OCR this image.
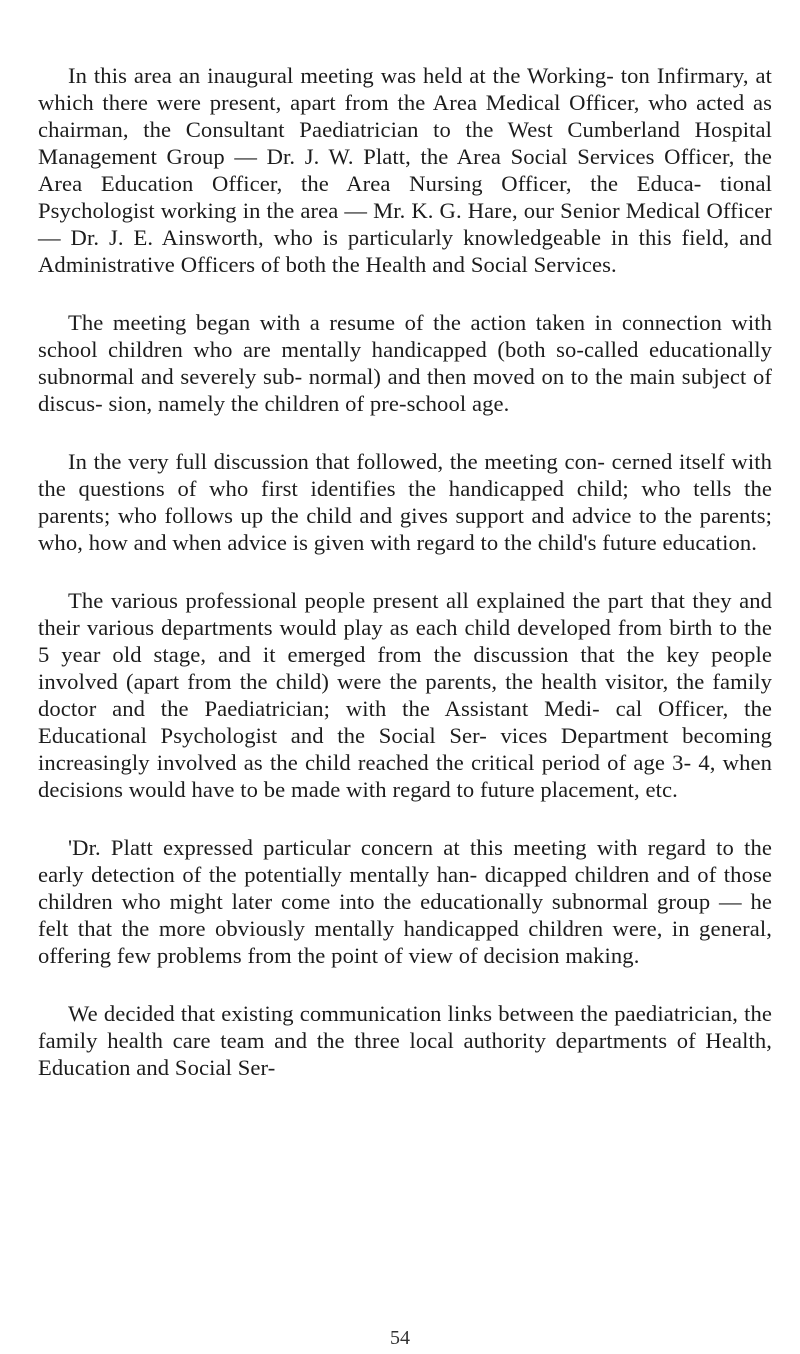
In this area an inaugural meeting was held at the Working- ton Infirmary, at which there were present, apart from the Area Medical Officer, who acted as chairman, the Consultant Paediatrician to the West Cumberland Hospital Management Group — Dr. J. W. Platt, the Area Social Services Officer, the Area Education Officer, the Area Nursing Officer, the Educa- tional Psychologist working in the area — Mr. K. G. Hare, our Senior Medical Officer — Dr. J. E. Ainsworth, who is particularly knowledgeable in this field, and Administrative Officers of both the Health and Social Services.

The meeting began with a resume of the action taken in connection with school children who are mentally handicapped (both so-called educationally subnormal and severely sub- normal) and then moved on to the main subject of discus- sion, namely the children of pre-school age.

In the very full discussion that followed, the meeting con- cerned itself with the questions of who first identifies the handicapped child; who tells the parents; who follows up the child and gives support and advice to the parents; who, how and when advice is given with regard to the child's future education.

The various professional people present all explained the part that they and their various departments would play as each child developed from birth to the 5 year old stage, and it emerged from the discussion that the key people involved (apart from the child) were the parents, the health visitor, the family doctor and the Paediatrician; with the Assistant Medi- cal Officer, the Educational Psychologist and the Social Ser- vices Department becoming increasingly involved as the child reached the critical period of age 3- 4, when decisions would have to be made with regard to future placement, etc.

'Dr. Platt expressed particular concern at this meeting with regard to the early detection of the potentially mentally han- dicapped children and of those children who might later come into the educationally subnormal group — he felt that the more obviously mentally handicapped children were, in general, offering few problems from the point of view of decision making.

We decided that existing communication links between the paediatrician, the family health care team and the three local authority departments of Health, Education and Social Ser-

54
